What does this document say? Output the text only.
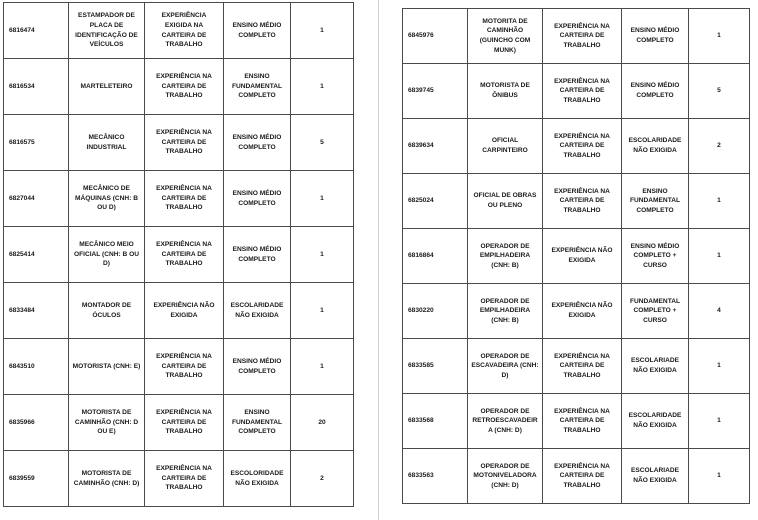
6816474	ESTAMPADOR DE PLACA DE IDENTIFICAÇÃO DE VEÍCULOS	EXPERIÊNCIA EXIGIDA NA CARTEIRA DE TRABALHO	ENSINO MÉDIO COMPLETO	1
6816534	MARTELETEIRO	EXPERIÊNCIA NA CARTEIRA DE TRABALHO	ENSINO FUNDAMENTAL COMPLETO	1
6816575	MECÂNICO INDUSTRIAL	EXPERIÊNCIA NA CARTEIRA DE TRABALHO	ENSINO MÉDIO COMPLETO	5
6827044	MECÂNICO DE MÁQUINAS (CNH: B OU D)	EXPERIÊNCIA NA CARTEIRA DE TRABALHO	ENSINO MÉDIO COMPLETO	1
6825414	MECÂNICO MEIO OFICIAL (CNH: B OU D)	EXPERIÊNCIA NA CARTEIRA DE TRABALHO	ENSINO MÉDIO COMPLETO	1
6833484	MONTADOR DE ÓCULOS	EXPERIÊNCIA NÃO EXIGIDA	ESCOLARIDADE NÃO EXIGIDA	1
6843510	MOTORISTA (CNH: E)	EXPERIÊNCIA NA CARTEIRA DE TRABALHO	ENSINO MÉDIO COMPLETO	1
6835966	MOTORISTA DE CAMINHÃO (CNH: D OU E)	EXPERIÊNCIA NA CARTEIRA DE TRABALHO	ENSINO FUNDAMENTAL COMPLETO	20
6839559	MOTORISTA DE CAMINHÃO (CNH: D)	EXPERIÊNCIA NA CARTEIRA DE TRABALHO	ESCOLORIDADE NÃO EXIGIDA	2
6845976	MOTORITA DE CAMINHÃO (GUINCHO COM MUNK)	EXPERIÊNCIA NA CARTEIRA DE TRABALHO	ENSINO MÉDIO COMPLETO	1
6839745	MOTORISTA DE ÔNIBUS	EXPERIÊNCIA NA CARTEIRA DE TRABALHO	ENSINO MÉDIO COMPLETO	5
6839634	OFICIAL CARPINTEIRO	EXPERIÊNCIA NA CARTEIRA DE TRABALHO	ESCOLARIDADE NÃO EXIGIDA	2
6825024	OFICIAL DE OBRAS OU PLENO	EXPERIÊNCIA NA CARTEIRA DE TRABALHO	ENSINO FUNDAMENTAL COMPLETO	1
6816864	OPERADOR DE EMPILHADEIRA (CNH: B)	EXPERIÊNCIA NÃO EXIGIDA	ENSINO MÉDIO COMPLETO + CURSO	1
6830220	OPERADOR DE EMPILHADEIRA (CNH: B)	EXPERIÊNCIA NÃO EXIGIDA	FUNDAMENTAL COMPLETO + CURSO	4
6833585	OPERADOR DE ESCAVADEIRA (CNH: D)	EXPERIÊNCIA NA CARTEIRA DE TRABALHO	ESCOLARIADE NÃO EXIGIDA	1
6833568	OPERADOR DE RETROESCAVADEIRA (CNH: D)	EXPERIÊNCIA NA CARTEIRA DE TRABALHO	ESCOLARIDADE NÃO EXIGIDA	1
6833563	OPERADOR DE MOTONIVELADORA (CNH: D)	EXPERIÊNCIA NA CARTEIRA DE TRABALHO	ESCOLARIADE NÃO EXIGIDA	1
